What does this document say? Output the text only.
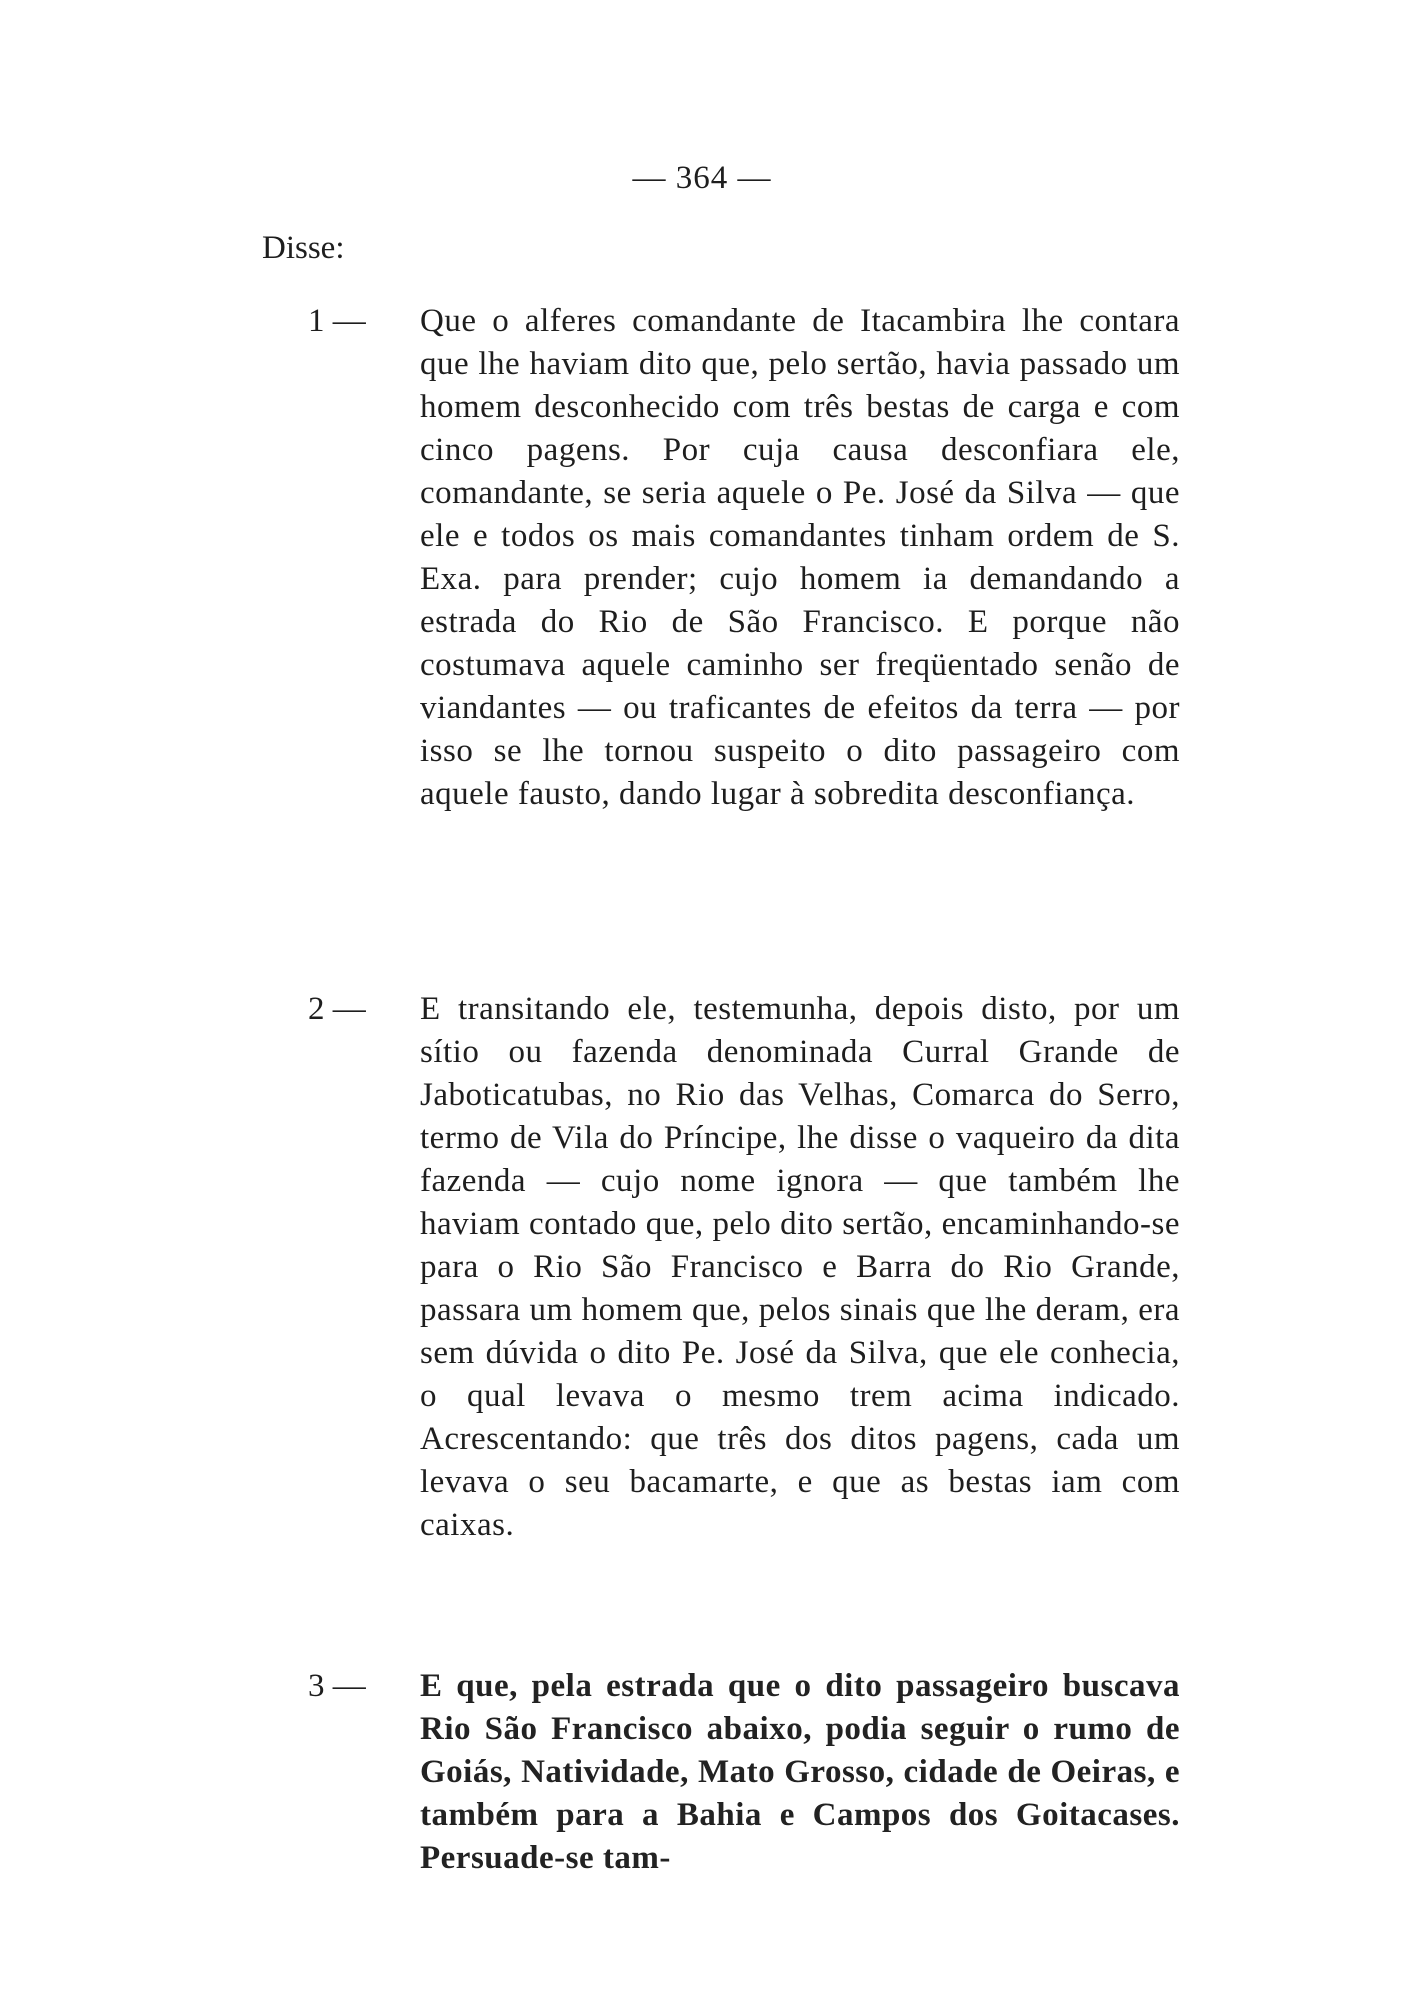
— 364 —
Disse:
1 — Que o alferes comandante de Itacambira lhe contara que lhe haviam dito que, pelo sertão, havia passado um homem desconhecido com três bestas de carga e com cinco pagens. Por cuja causa desconfiara ele, comandante, se seria aquele o Pe. José da Silva — que ele e todos os mais comandantes tinham ordem de S. Exa. para prender; cujo homem ia demandando a estrada do Rio de São Francisco. E porque não costumava aquele caminho ser freqüentado senão de viandantes — ou traficantes de efeitos da terra — por isso se lhe tornou suspeito o dito passageiro com aquele fausto, dando lugar à sobredita desconfiança.
2 — E transitando ele, testemunha, depois disto, por um sítio ou fazenda denominada Curral Grande de Jaboticatubas, no Rio das Velhas, Comarca do Serro, termo de Vila do Príncipe, lhe disse o vaqueiro da dita fazenda — cujo nome ignora — que também lhe haviam contado que, pelo dito sertão, encaminhando-se para o Rio São Francisco e Barra do Rio Grande, passara um homem que, pelos sinais que lhe deram, era sem dúvida o dito Pe. José da Silva, que ele conhecia, o qual levava o mesmo trem acima indicado. Acrescentando: que três dos ditos pagens, cada um levava o seu bacamarte, e que as bestas iam com caixas.
3 — E que, pela estrada que o dito passageiro buscava Rio São Francisco abaixo, podia seguir o rumo de Goiás, Natividade, Mato Grosso, cidade de Oeiras, e também para a Bahia e Campos dos Goitacases. Persuade-se tam-
